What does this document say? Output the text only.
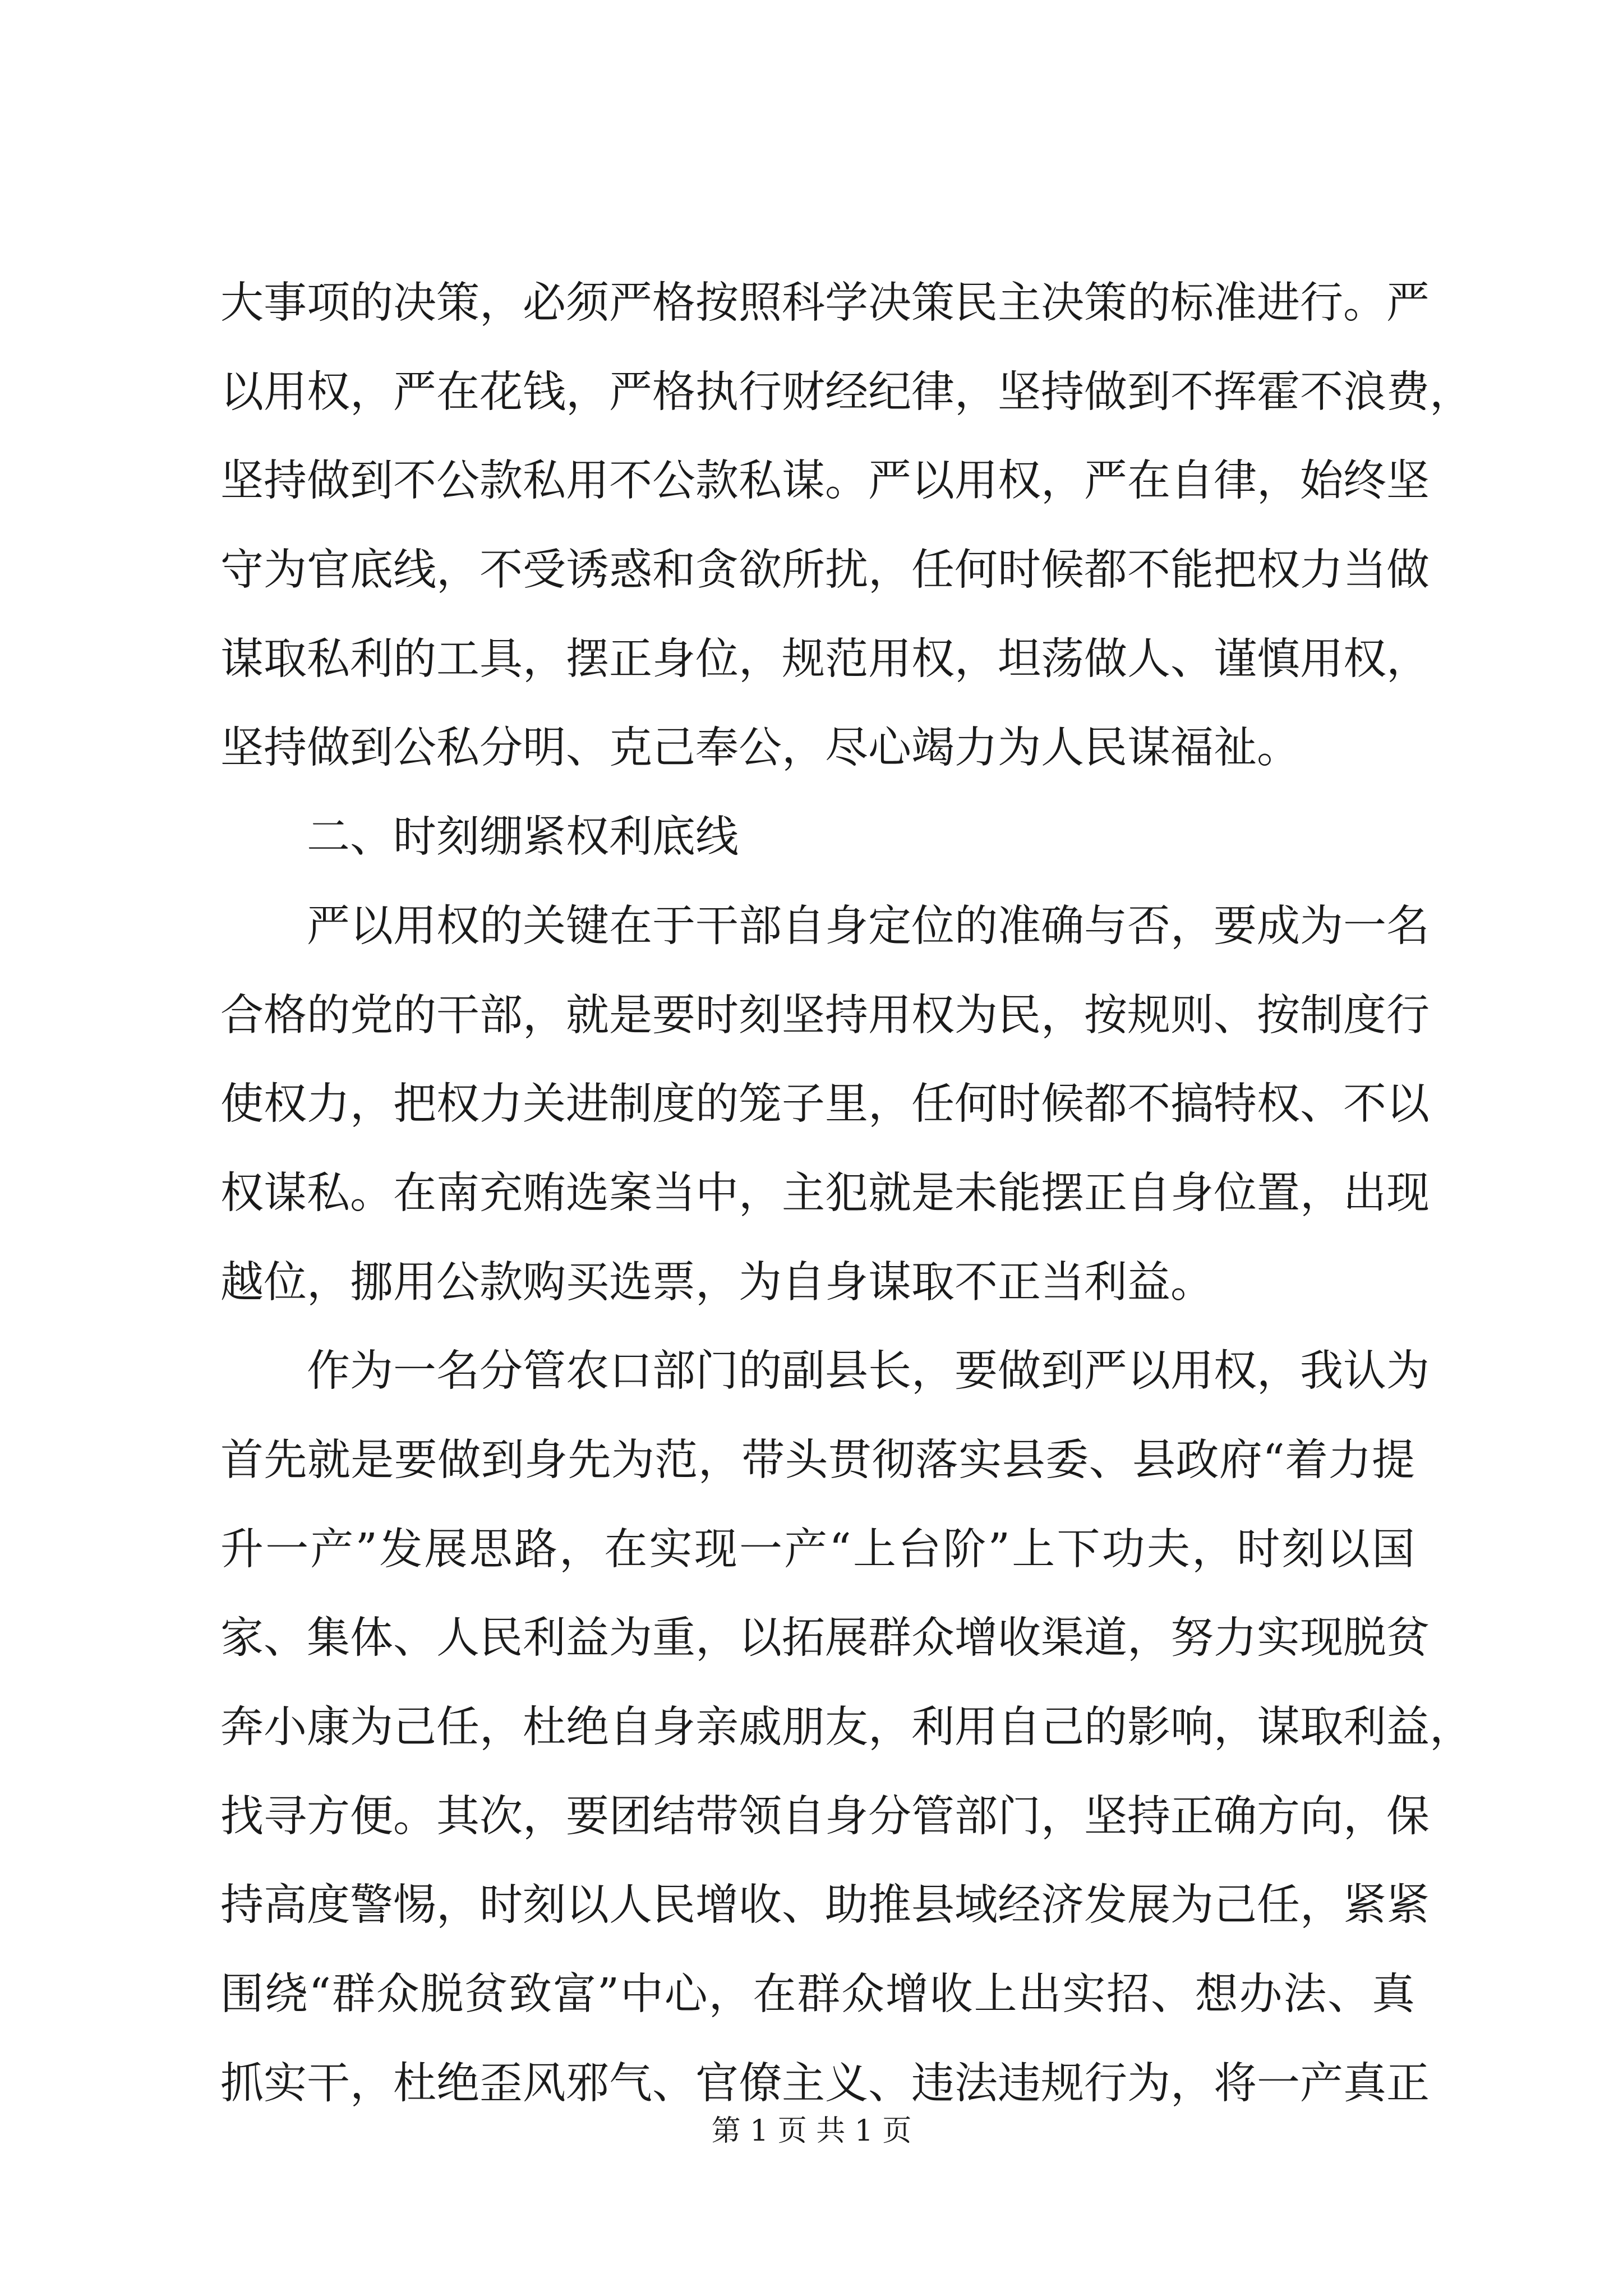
大事项的决策，必须严格按照科学决策民主决策的标准进行。严
以用权，严在花钱，严格执行财经纪律，坚持做到不挥霍不浪费，
坚持做到不公款私用不公款私谋。严以用权，严在自律，始终坚
守为官底线，不受诱惑和贪欲所扰，任何时候都不能把权力当做
谋取私利的工具，摆正身位，规范用权，坦荡做人、谨慎用权，
坚持做到公私分明、克己奉公，尽心竭力为人民谋福祉。
二、时刻绷紧权利底线
严以用权的关键在于干部自身定位的准确与否，要成为一名
合格的党的干部，就是要时刻坚持用权为民，按规则、按制度行
使权力，把权力关进制度的笼子里，任何时候都不搞特权、不以
权谋私。在南充贿选案当中，主犯就是未能摆正自身位置，出现
越位，挪用公款购买选票，为自身谋取不正当利益。
作为一名分管农口部门的副县长，要做到严以用权，我认为
首先就是要做到身先为范，带头贯彻落实县委、县政府“着力提
升一产”发展思路，在实现一产“上台阶”上下功夫，时刻以国
家、集体、人民利益为重，以拓展群众增收渠道，努力实现脱贫
奔小康为己任，杜绝自身亲戚朋友，利用自己的影响，谋取利益，
找寻方便。其次，要团结带领自身分管部门，坚持正确方向，保
持高度警惕，时刻以人民增收、助推县域经济发展为己任，紧紧
围绕“群众脱贫致富”中心，在群众增收上出实招、想办法、真
抓实干，杜绝歪风邪气、官僚主义、违法违规行为，将一产真正
第 1 页 共 1 页
